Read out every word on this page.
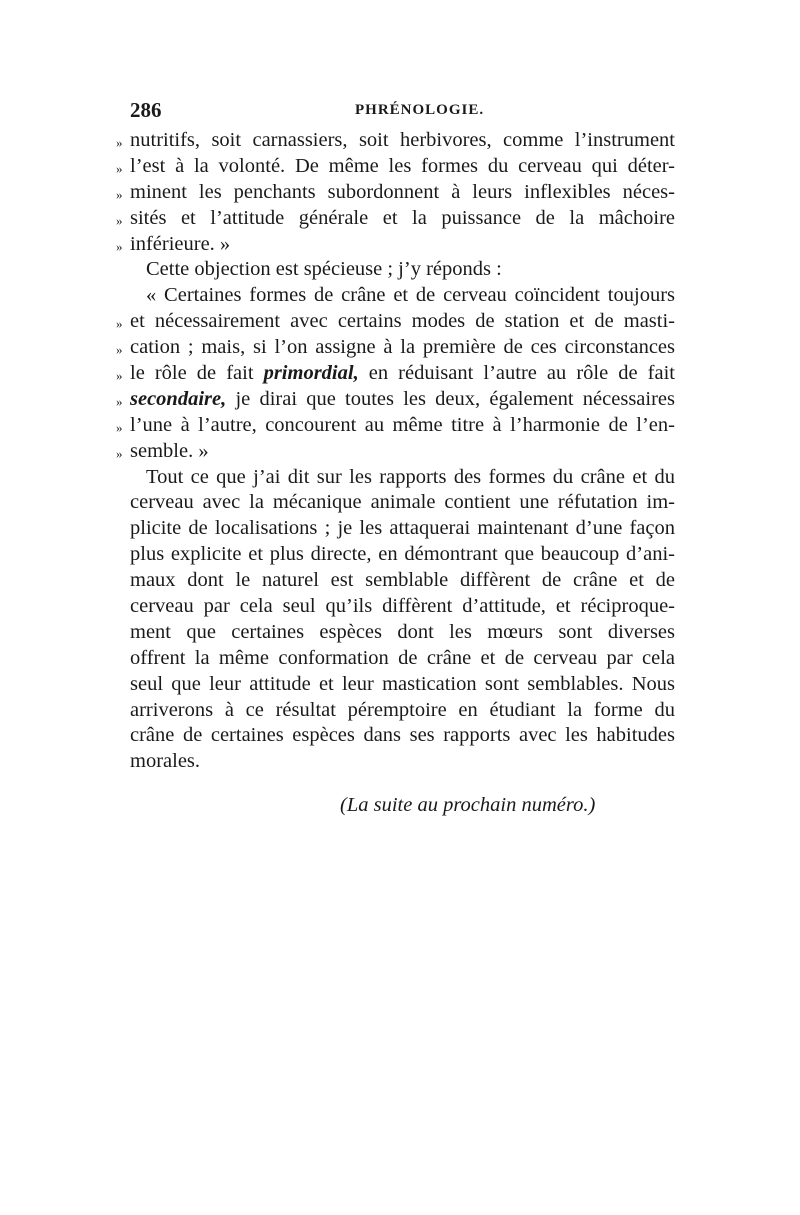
286	PHRÉNOLOGIE.
» nutritifs, soit carnassiers, soit herbivores, comme l’instrument
» l’est à la volonté. De même les formes du cerveau qui déter-
» minent les penchants subordonnent à leurs inflexibles néces-
» sités et l’attitude générale et la puissance de la mâchoire
» inférieure. »
Cette objection est spécieuse ; j’y réponds :
« Certaines formes de crâne et de cerveau coïncident toujours
» et nécessairement avec certains modes de station et de masti-
» cation ; mais, si l’on assigne à la première de ces circonstances
» le rôle de fait primordial, en réduisant l’autre au rôle de fait
» secondaire, je dirai que toutes les deux, également nécessaires
» l’une à l’autre, concourent au même titre à l’harmonie de l’en-
» semble. »
Tout ce que j’ai dit sur les rapports des formes du crâne et du
cerveau avec la mécanique animale contient une réfutation im-
plicite de localisations ; je les attaquerai maintenant d’une façon
plus explicite et plus directe, en démontrant que beaucoup d’ani-
maux dont le naturel est semblable diffèrent de crâne et de
cerveau par cela seul qu’ils diffèrent d’attitude, et réciproque-
ment que certaines espèces dont les mœurs sont diverses
offrent la même conformation de crâne et de cerveau par cela
seul que leur attitude et leur mastication sont semblables. Nous
arriverons à ce résultat péremptoire en étudiant la forme du
crâne de certaines espèces dans ses rapports avec les habitudes
morales.
(La suite au prochain numéro.)
